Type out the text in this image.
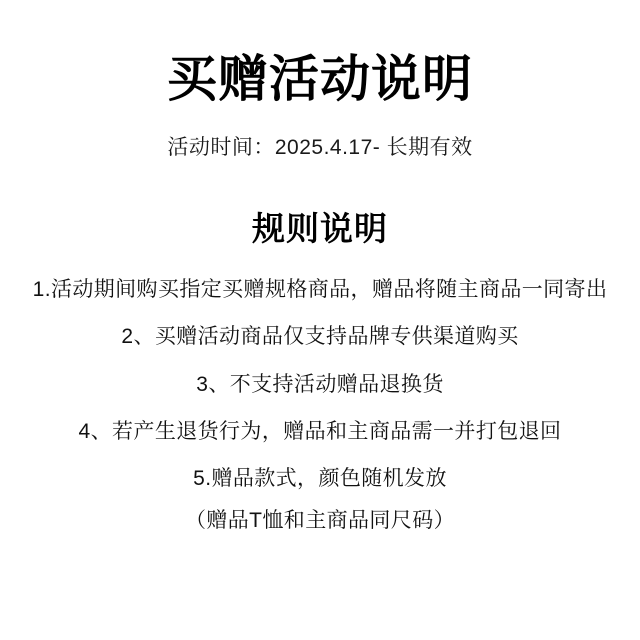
买赠活动说明
活动时间：2025.4.17- 长期有效
规则说明
1.活动期间购买指定买赠规格商品，赠品将随主商品一同寄出
2、买赠活动商品仅支持品牌专供渠道购买
3、不支持活动赠品退换货
4、若产生退货行为，赠品和主商品需一并打包退回
5.赠品款式，颜色随机发放
（赠品T恤和主商品同尺码）
